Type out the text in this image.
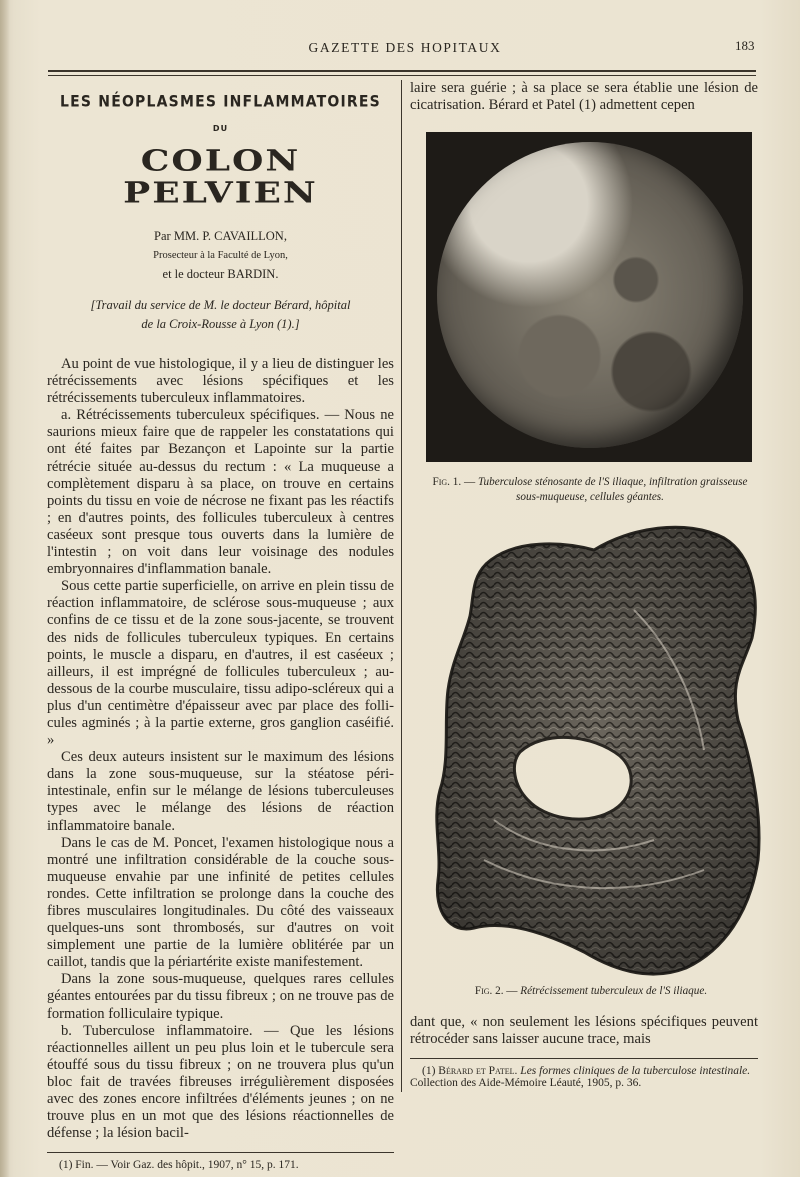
GAZETTE DES HOPITAUX	183
LES NÉOPLASMES INFLAMMATOIRES
DU
COLON PELVIEN
Par MM. P. CAVAILLON,
Prosecteur à la Faculté de Lyon,
et le docteur BARDIN.
[Travail du service de M. le docteur Bérard, hôpital
de la Croix-Rousse à Lyon (1).]

Au point de vue histologique, il y a lieu de distinguer les rétrécissements avec lésions spécifiques et les rétrécissements tuberculeux inflammatoires.

a. Rétrécissements tuberculeux spécifiques. — Nous ne saurions mieux faire que de rappeler les constatations qui ont été faites par Bezançon et Lapointe sur la partie rétrécie située au-dessus du rectum : « La muqueuse a complètement disparu à sa place, on trouve en certains points du tissu en voie de nécrose ne fixant pas les réactifs ; en d'autres points, des follicules tuberculeux à centres caséeux sont presque tous ouverts dans la lumière de l'intestin ; on voit dans leur voisinage des nodules embryonnaires d'inflammation banale.

Sous cette partie superficielle, on arrive en plein tissu de réaction inflammatoire, de sclérose sous-muqueuse ; aux confins de ce tissu et de la zone sous-jacente, se trouvent des nids de follicules tuberculeux typiques. En certains points, le muscle a disparu, en d'autres, il est caséeux ; ailleurs, il est imprégné de follicules tuberculeux ; au-dessous de la courbe musculaire, tissu adipo-scléreux qui a plus d'un centimètre d'épaisseur avec par place des follicules agminés ; à la partie externe, gros ganglion caséifié. »

Ces deux auteurs insistent sur le maximum des lésions dans la zone sous-muqueuse, sur la stéatose péri-intestinale, enfin sur le mélange de lésions tuberculeuses types avec le mélange des lésions de réaction inflammatoire banale.

Dans le cas de M. Poncet, l'examen histologique nous a montré une infiltration considérable de la couche sous-muqueuse envahie par une infinité de petites cellules rondes. Cette infiltration se prolonge dans la couche des fibres musculaires longitudinales. Du côté des vaisseaux quelques-uns sont thrombosés, sur d'autres on voit simplement une partie de la lumière oblitérée par un caillot, tandis que la périartérite existe manifestement.

Dans la zone sous-muqueuse, quelques rares cellules géantes entourées par du tissu fibreux ; on ne trouve pas de formation folliculaire typique.

b. Tuberculose inflammatoire. — Que les lésions réactionnelles aillent un peu plus loin et le tubercule sera étouffé sous du tissu fibreux ; on ne trouvera plus qu'un bloc fait de travées fibreuses irrégulièrement disposées avec des zones encore infiltrées d'éléments jeunes ; on ne trouve plus en un mot que des lésions réactionnelles de défense ; la lésion bacil-

(1) Fin. — Voir Gaz. des hôpit., 1907, n° 15, p. 171.

laire sera guérie ; à sa place se sera établie une lésion de cicatrisation. Bérard et Patel (1) admettent cepen

Fig. 1. — Tuberculose sténosante de l'S iliaque, infiltration graisseuse sous-muqueuse, cellules géantes.
Fig. 2. — Rétrécissement tuberculeux de l'S iliaque.

dant que, « non seulement les lésions spécifiques peuvent rétrocéder sans laisser aucune trace, mais

(1) Bérard et Patel. Les formes cliniques de la tuberculose intestinale. Collection des Aide-Mémoire Léauté, 1905, p. 36.
